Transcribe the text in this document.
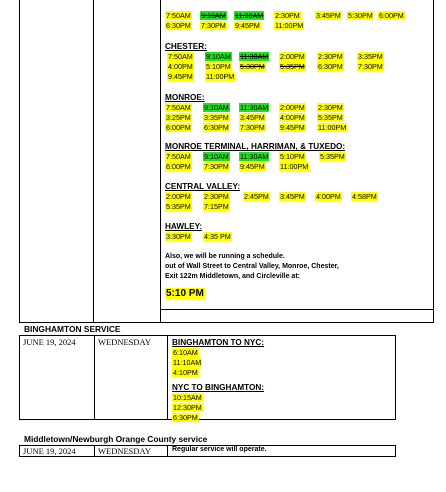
7:50AM 9:10AM 11:30AM 2:30PM 3:45PM 5:30PM 6:00PM
6:30PM 7:30PM 9:45PM 11:00PM
CHESTER:
7:50AM 9:10AM 11:30AM 2:00PM 2:30PM 3:35PM
4:00PM 5:10PM 5:30PM 5:35PM 6:30PM 7:30PM
9:45PM 11:00PM
MONROE:
7:50AM 9:10AM 11:30AM 2:00PM 2:30PM
3:25PM 3:35PM 3:45PM 4:00PM 5:35PM
6:00PM 6:30PM 7:30PM 9:45PM 11:00PM
MONROE TERMINAL, HARRIMAN, & TUXEDO:
7:50AM 9:10AM 11:30AM 5:10PM 5:35PM
6:00PM 7:30PM 9:45PM 11:00PM
CENTRAL VALLEY:
2:00PM 2:30PM 2:45PM 3:45PM 4:00PM 4:58PM
5:35PM 7:15PM
HAWLEY:
3:30PM 4:35 PM
Also, we will be running a schedule.
out of Wall Street to Central Valley, Monroe, Chester,
Exit 122m Middletown, and Circleville at:
5:10 PM
BINGHAMTON SERVICE
JUNE 19, 2024	WEDNESDAY	BINGHAMTON TO NYC:
6:10AM
11:10AM
4:10PM
NYC TO BINGHAMTON:
10:15AM
12:30PM
6:30PM
Middletown/Newburgh Orange County service
JUNE 19, 2024	WEDNESDAY	Regular service will operate.
